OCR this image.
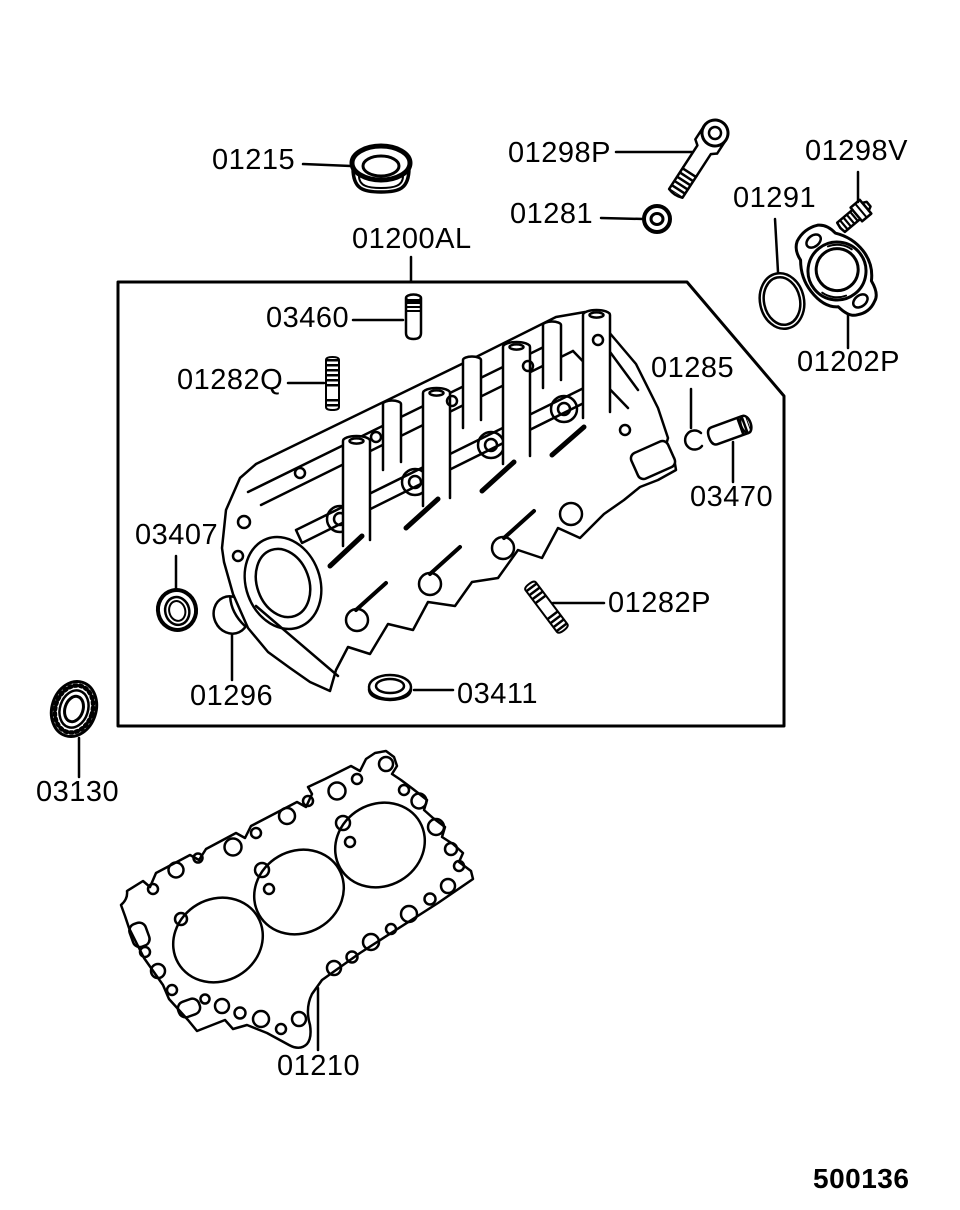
01215	01298P
01281	01291
01298V
01200AL
03460
01282Q
01202P
01285
03470
03407
01282P
01296	03411
03130
01210
500136
